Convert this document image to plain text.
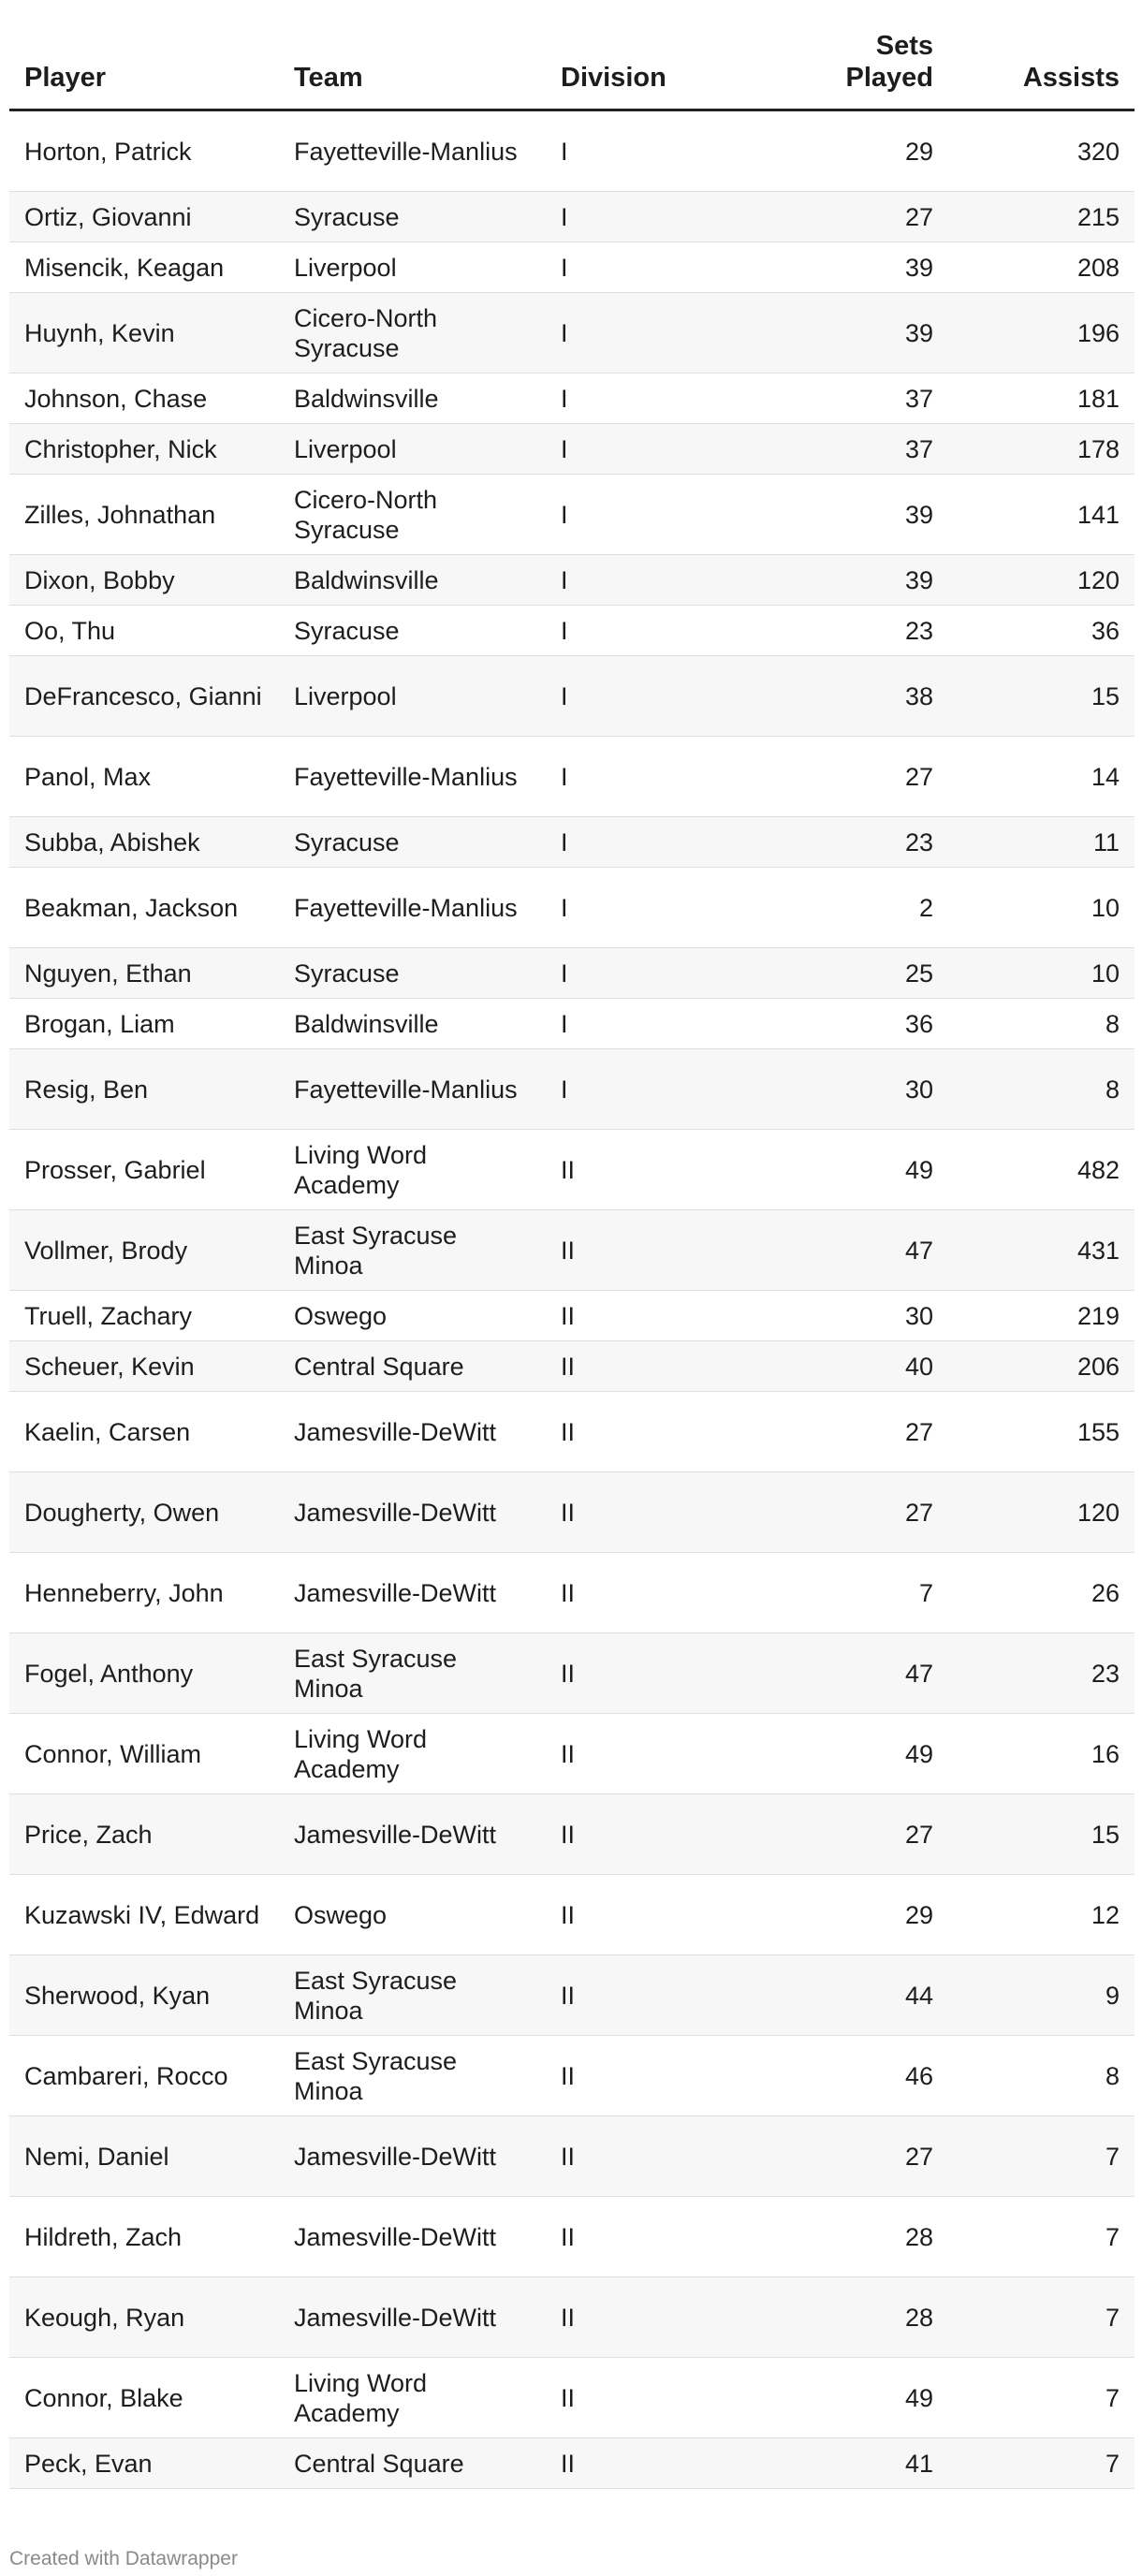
Player	Team	Division	Sets Played	Assists
Horton, Patrick	Fayetteville-Manlius	I	29	320
Ortiz, Giovanni	Syracuse	I	27	215
Misencik, Keagan	Liverpool	I	39	208
Huynh, Kevin	Cicero-North Syracuse	I	39	196
Johnson, Chase	Baldwinsville	I	37	181
Christopher, Nick	Liverpool	I	37	178
Zilles, Johnathan	Cicero-North Syracuse	I	39	141
Dixon, Bobby	Baldwinsville	I	39	120
Oo, Thu	Syracuse	I	23	36
DeFrancesco, Gianni	Liverpool	I	38	15
Panol, Max	Fayetteville-Manlius	I	27	14
Subba, Abishek	Syracuse	I	23	11
Beakman, Jackson	Fayetteville-Manlius	I	2	10
Nguyen, Ethan	Syracuse	I	25	10
Brogan, Liam	Baldwinsville	I	36	8
Resig, Ben	Fayetteville-Manlius	I	30	8
Prosser, Gabriel	Living Word Academy	II	49	482
Vollmer, Brody	East Syracuse Minoa	II	47	431
Truell, Zachary	Oswego	II	30	219
Scheuer, Kevin	Central Square	II	40	206
Kaelin, Carsen	Jamesville-DeWitt	II	27	155
Dougherty, Owen	Jamesville-DeWitt	II	27	120
Henneberry, John	Jamesville-DeWitt	II	7	26
Fogel, Anthony	East Syracuse Minoa	II	47	23
Connor, William	Living Word Academy	II	49	16
Price, Zach	Jamesville-DeWitt	II	27	15
Kuzawski IV, Edward	Oswego	II	29	12
Sherwood, Kyan	East Syracuse Minoa	II	44	9
Cambareri, Rocco	East Syracuse Minoa	II	46	8
Nemi, Daniel	Jamesville-DeWitt	II	27	7
Hildreth, Zach	Jamesville-DeWitt	II	28	7
Keough, Ryan	Jamesville-DeWitt	II	28	7
Connor, Blake	Living Word Academy	II	49	7
Peck, Evan	Central Square	II	41	7
Created with Datawrapper
